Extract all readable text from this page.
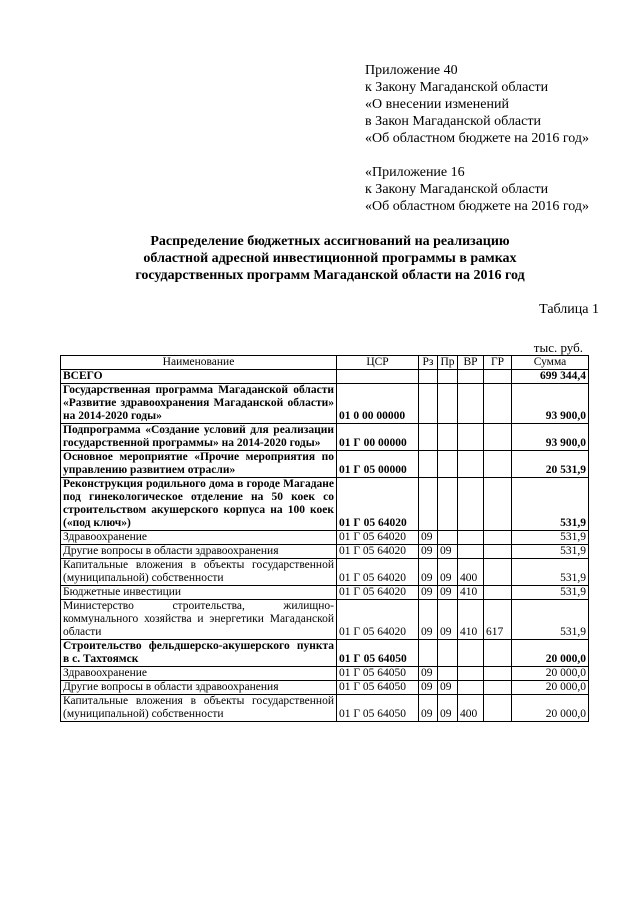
Приложение 40
к Закону Магаданской области
«О внесении изменений
в Закон Магаданской области
«Об областном бюджете на 2016 год»
«Приложение 16
к Закону Магаданской области
«Об областном бюджете на 2016 год»
Распределение бюджетных ассигнований на реализацию
областной адресной инвестиционной программы в рамках
государственных программ Магаданской области на 2016 год
Таблица 1
тыс. руб.
Наименование	ЦСР	Рз	Пр	ВР	ГР	Сумма
ВСЕГО						699 344,4
Государственная программа Магаданской области «Развитие здравоохранения Магаданской области» на 2014-2020 годы»	01 0 00 00000					93 900,0
Подпрограмма «Создание условий для реализации государственной программы» на 2014-2020 годы»	01 Г 00 00000					93 900,0
Основное мероприятие «Прочие мероприятия по управлению развитием отрасли»	01 Г 05 00000					20 531,9
Реконструкция родильного дома в городе Магадане под гинекологическое отделение на 50 коек со строительством акушерского корпуса на 100 коек («под ключ»)	01 Г 05 64020					531,9
Здравоохранение	01 Г 05 64020	09				531,9
Другие вопросы в области здравоохранения	01 Г 05 64020	09	09			531,9
Капитальные вложения в объекты государственной (муниципальной) собственности	01 Г 05 64020	09	09	400		531,9
Бюджетные инвестиции	01 Г 05 64020	09	09	410		531,9
Министерство строительства, жилищно-коммунального хозяйства и энергетики Магаданской области	01 Г 05 64020	09	09	410	617	531,9
Строительство фельдшерско-акушерского пункта в с. Тахтоямск	01 Г 05 64050					20 000,0
Здравоохранение	01 Г 05 64050	09				20 000,0
Другие вопросы в области здравоохранения	01 Г 05 64050	09	09			20 000,0
Капитальные вложения в объекты государственной (муниципальной) собственности	01 Г 05 64050	09	09	400		20 000,0
